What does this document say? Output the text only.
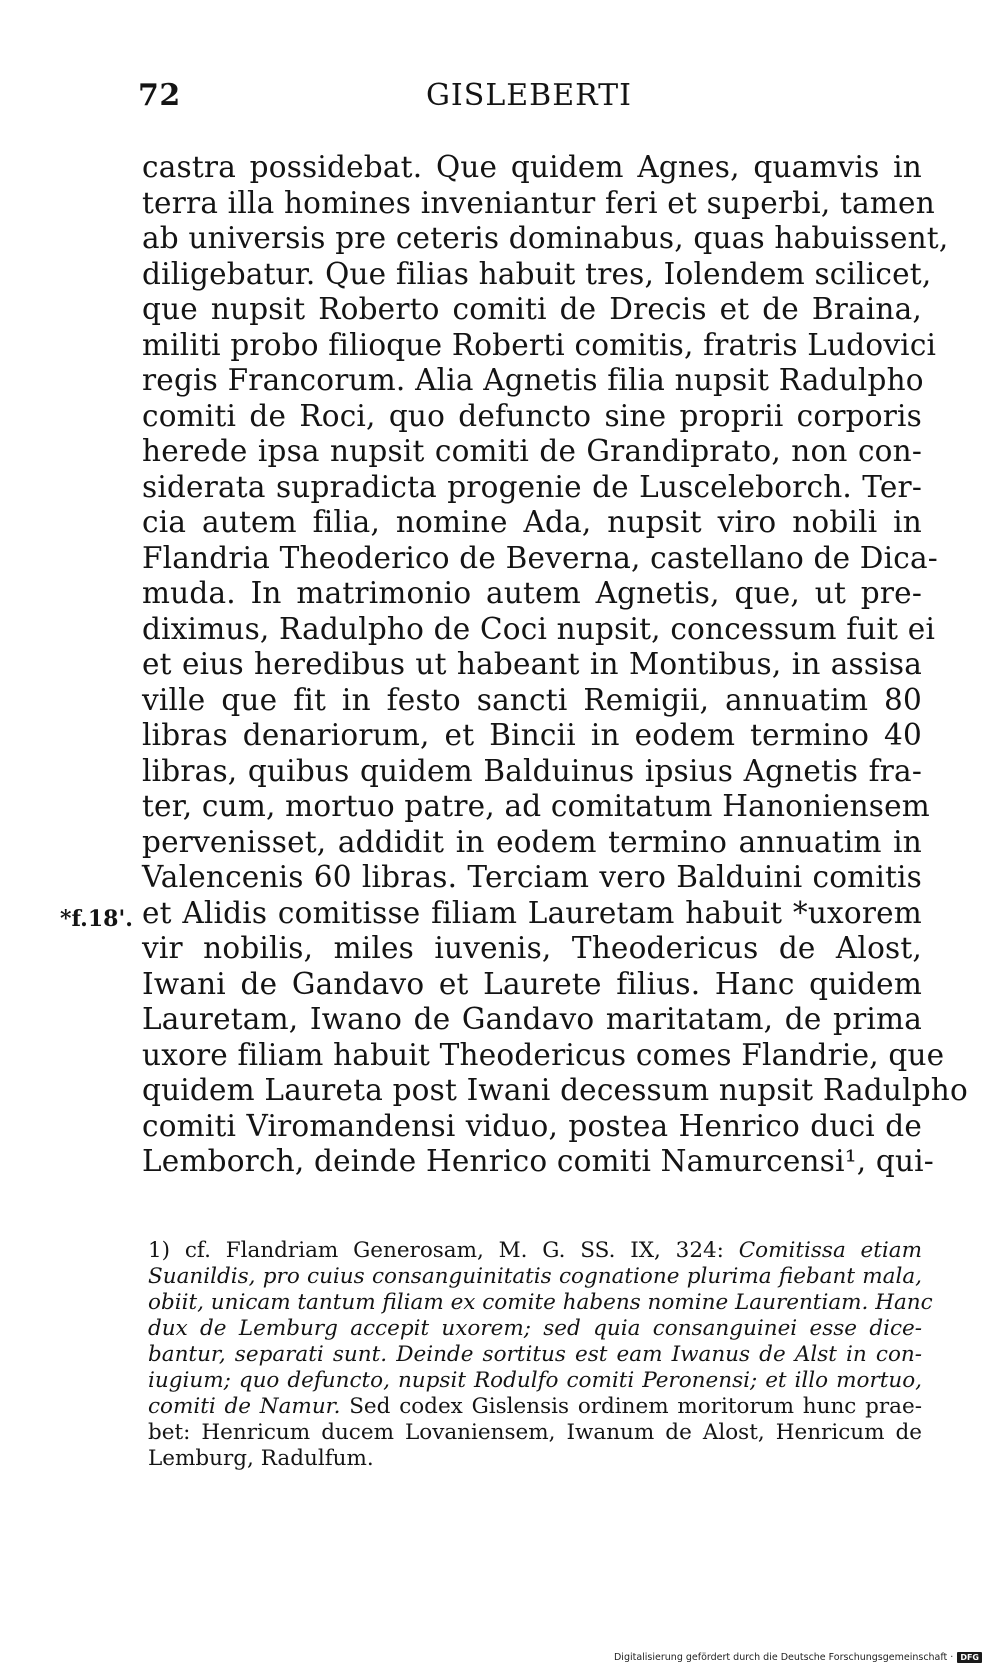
72	GISLEBERTI
castra possidebat. Que quidem Agnes, quamvis in
terra illa homines inveniantur feri et superbi, tamen
ab universis pre ceteris dominabus, quas habuissent,
diligebatur. Que filias habuit tres, Iolendem scilicet,
que nupsit Roberto comiti de Drecis et de Braina,
militi probo filioque Roberti comitis, fratris Ludovici
regis Francorum. Alia Agnetis filia nupsit Radulpho
comiti de Roci, quo defuncto sine proprii corporis
herede ipsa nupsit comiti de Grandiprato, non con-
siderata supradicta progenie de Lusceleborch. Ter-
cia autem filia, nomine Ada, nupsit viro nobili in
Flandria Theoderico de Beverna, castellano de Dica-
muda. In matrimonio autem Agnetis, que, ut pre-
diximus, Radulpho de Coci nupsit, concessum fuit ei
et eius heredibus ut habeant in Montibus, in assisa
ville que fit in festo sancti Remigii, annuatim 80
libras denariorum, et Bincii in eodem termino 40
libras, quibus quidem Balduinus ipsius Agnetis fra-
ter, cum, mortuo patre, ad comitatum Hanoniensem
pervenisset, addidit in eodem termino annuatim in
Valencenis 60 libras. Terciam vero Balduini comitis
et Alidis comitisse filiam Lauretam habuit *uxorem
vir nobilis, miles iuvenis, Theodericus de Alost,
Iwani de Gandavo et Laurete filius. Hanc quidem
Lauretam, Iwano de Gandavo maritatam, de prima
uxore filiam habuit Theodericus comes Flandrie, que
quidem Laureta post Iwani decessum nupsit Radulpho
comiti Viromandensi viduo, postea Henrico duci de
Lemborch, deinde Henrico comiti Namurcensi¹, qui-
*f.18'.
1) cf. Flandriam Generosam, M. G. SS. IX, 324: Comitissa etiam
Suanildis, pro cuius consanguinitatis cognatione plurima fiebant mala,
obiit, unicam tantum filiam ex comite habens nomine Laurentiam. Hanc
dux de Lemburg accepit uxorem; sed quia consanguinei esse dice-
bantur, separati sunt. Deinde sortitus est eam Iwanus de Alst in con-
iugium; quo defuncto, nupsit Rodulfo comiti Peronensi; et illo mortuo,
comiti de Namur. Sed codex Gislensis ordinem moritorum hunc prae-
bet: Henricum ducem Lovaniensem, Iwanum de Alost, Henricum de
Lemburg, Radulfum.
Digitalisierung gefördert durch die Deutsche Forschungsgemeinschaft · DFG
